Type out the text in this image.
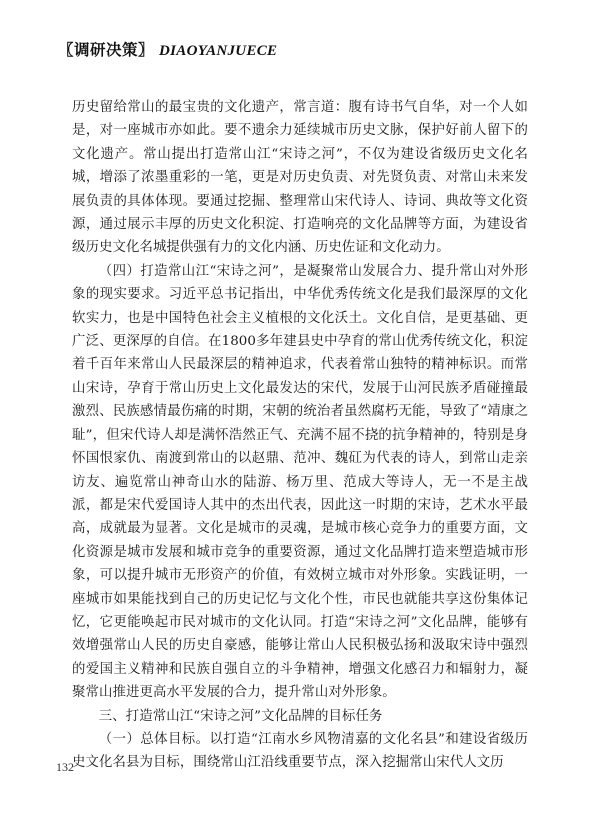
〖调研决策〗 DIAOYANJUECE

历史留给常山的最宝贵的文化遗产，常言道：腹有诗书气自华，对一个人如是，对一座城市亦如此。要不遗余力延续城市历史文脉，保护好前人留下的文化遗产。常山提出打造常山江“宋诗之河”，不仅为建设省级历史文化名城，增添了浓墨重彩的一笔，更是对历史负责、对先贤负责、对常山未来发展负责的具体体现。要通过挖掘、整理常山宋代诗人、诗词、典故等文化资源，通过展示丰厚的历史文化积淀、打造响亮的文化品牌等方面，为建设省级历史文化名城提供强有力的文化内涵、历史佐证和文化动力。

（四）打造常山江“宋诗之河”，是凝聚常山发展合力、提升常山对外形象的现实要求。习近平总书记指出，中华优秀传统文化是我们最深厚的文化软实力，也是中国特色社会主义植根的文化沃土。文化自信，是更基础、更广泛、更深厚的自信。在1800多年建县史中孕育的常山优秀传统文化，积淀着千百年来常山人民最深层的精神追求，代表着常山独特的精神标识。而常山宋诗，孕育于常山历史上文化最发达的宋代，发展于山河民族矛盾碰撞最激烈、民族感情最伤痛的时期，宋朝的统治者虽然腐朽无能，导致了“靖康之耻”，但宋代诗人却是满怀浩然正气、充满不屈不挠的抗争精神的，特别是身怀国恨家仇、南渡到常山的以赵鼎、范冲、魏矼为代表的诗人，到常山走亲访友、遍览常山神奇山水的陆游、杨万里、范成大等诗人，无一不是主战派，都是宋代爱国诗人其中的杰出代表，因此这一时期的宋诗，艺术水平最高，成就最为显著。文化是城市的灵魂，是城市核心竞争力的重要方面，文化资源是城市发展和城市竞争的重要资源，通过文化品牌打造来塑造城市形象，可以提升城市无形资产的价值，有效树立城市对外形象。实践证明，一座城市如果能找到自己的历史记忆与文化个性，市民也就能共享这份集体记忆，它更能唤起市民对城市的文化认同。打造“宋诗之河”文化品牌，能够有效增强常山人民的历史自豪感，能够让常山人民积极弘扬和汲取宋诗中强烈的爱国主义精神和民族自强自立的斗争精神，增强文化感召力和辐射力，凝聚常山推进更高水平发展的合力，提升常山对外形象。

三、打造常山江“宋诗之河”文化品牌的目标任务

（一）总体目标。以打造“江南水乡风物清嘉的文化名县”和建设省级历史文化名县为目标，围绕常山江沿线重要节点，深入挖掘常山宋代人文历

132
